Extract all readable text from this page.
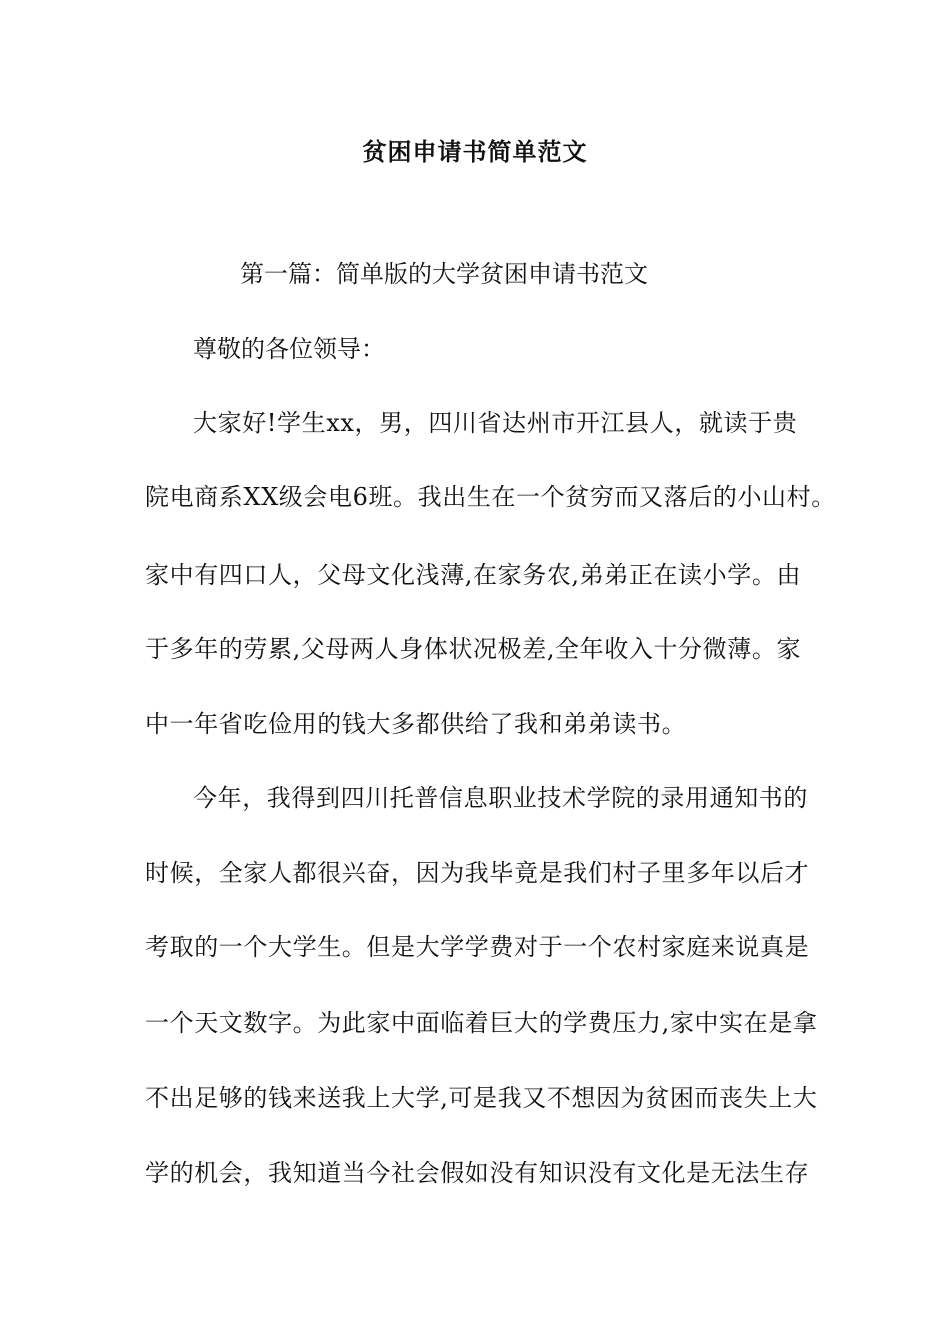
贫困申请书简单范文
第一篇：简单版的大学贫困申请书范文
尊敬的各位领导：
大家好!学生xx，男，四川省达州市开江县人，就读于贵
院电商系XX级会电6班。我出生在一个贫穷而又落后的小山村。
家中有四口人，父母文化浅薄,在家务农,弟弟正在读小学。由
于多年的劳累,父母两人身体状况极差,全年收入十分微薄。家
中一年省吃俭用的钱大多都供给了我和弟弟读书。
今年，我得到四川托普信息职业技术学院的录用通知书的
时候，全家人都很兴奋，因为我毕竟是我们村子里多年以后才
考取的一个大学生。但是大学学费对于一个农村家庭来说真是
一个天文数字。为此家中面临着巨大的学费压力,家中实在是拿
不出足够的钱来送我上大学,可是我又不想因为贫困而丧失上大
学的机会，我知道当今社会假如没有知识没有文化是无法生存
